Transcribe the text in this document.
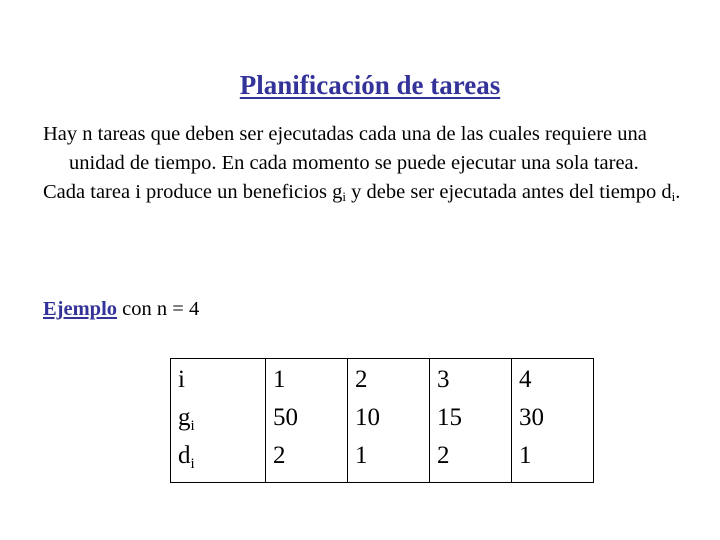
Planificación de tareas

Hay n tareas que deben ser ejecutadas cada una de las cuales requiere una unidad de tiempo. En cada momento se puede ejecutar una sola tarea.

Cada tarea i produce un beneficios $g_i$ y debe ser ejecutada antes del tiempo $d_i$.

Ejemplo con n = 4
i	1	2	3	4
$g_i$	50	10	15	30
$d_i$	2	1	2	1
